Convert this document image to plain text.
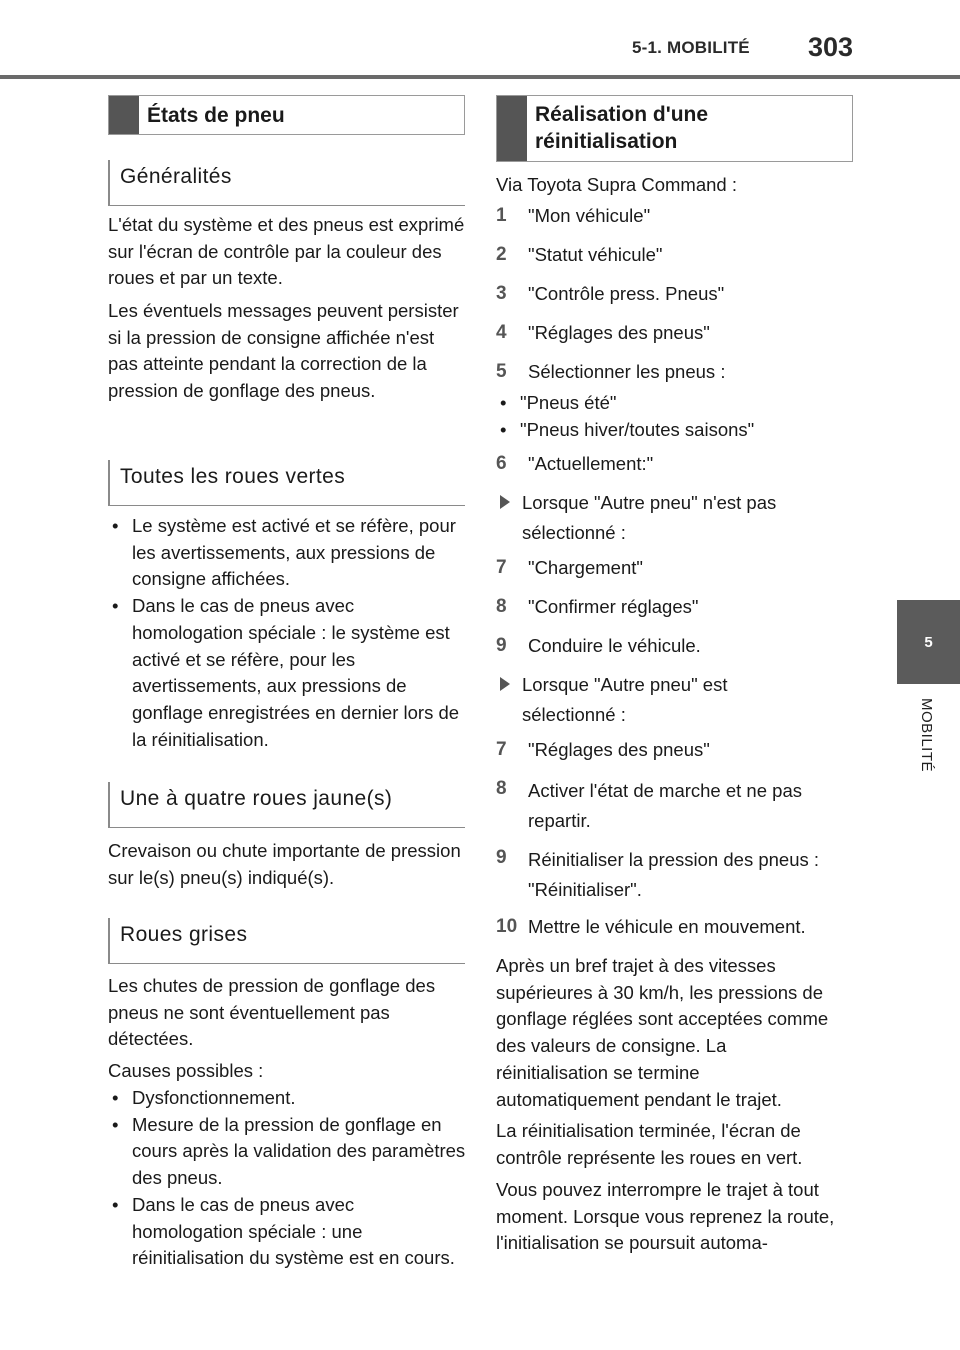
5-1. MOBILITÉ 303
5
MOBILITÉ
États de pneu
Généralités
L'état du système et des pneus est exprimé sur l'écran de contrôle par la couleur des roues et par un texte.
Les éventuels messages peuvent persister si la pression de consigne affichée n'est pas atteinte pendant la correction de la pression de gonflage des pneus.
Toutes les roues vertes
• Le système est activé et se réfère, pour les avertissements, aux pressions de consigne affichées.
• Dans le cas de pneus avec homologation spéciale : le système est activé et se réfère, pour les avertissements, aux pressions de gonflage enregistrées en dernier lors de la réinitialisation.
Une à quatre roues jaune(s)
Crevaison ou chute importante de pression sur le(s) pneu(s) indiqué(s).
Roues grises
Les chutes de pression de gonflage des pneus ne sont éventuellement pas détectées.
Causes possibles :
• Dysfonctionnement.
• Mesure de la pression de gonflage en cours après la validation des paramètres des pneus.
• Dans le cas de pneus avec homologation spéciale : une réinitialisation du système est en cours.
Réalisation d'une réinitialisation
Via Toyota Supra Command :
1	"Mon véhicule"
2	"Statut véhicule"
3	"Contrôle press. Pneus"
4	"Réglages des pneus"
5	Sélectionner les pneus :
• "Pneus été"
• "Pneus hiver/toutes saisons"
6	"Actuellement:"
Lorsque "Autre pneu" n'est pas sélectionné :
7	"Chargement"
8	"Confirmer réglages"
9	Conduire le véhicule.
Lorsque "Autre pneu" est sélectionné :
7	"Réglages des pneus"
8	Activer l'état de marche et ne pas repartir.
9	Réinitialiser la pression des pneus : "Réinitialiser".
10 Mettre le véhicule en mouvement.
Après un bref trajet à des vitesses supérieures à 30 km/h, les pressions de gonflage réglées sont acceptées comme des valeurs de consigne. La réinitialisation se termine automatiquement pendant le trajet.
La réinitialisation terminée, l'écran de contrôle représente les roues en vert.
Vous pouvez interrompre le trajet à tout moment. Lorsque vous reprenez la route, l'initialisation se poursuit automa-
